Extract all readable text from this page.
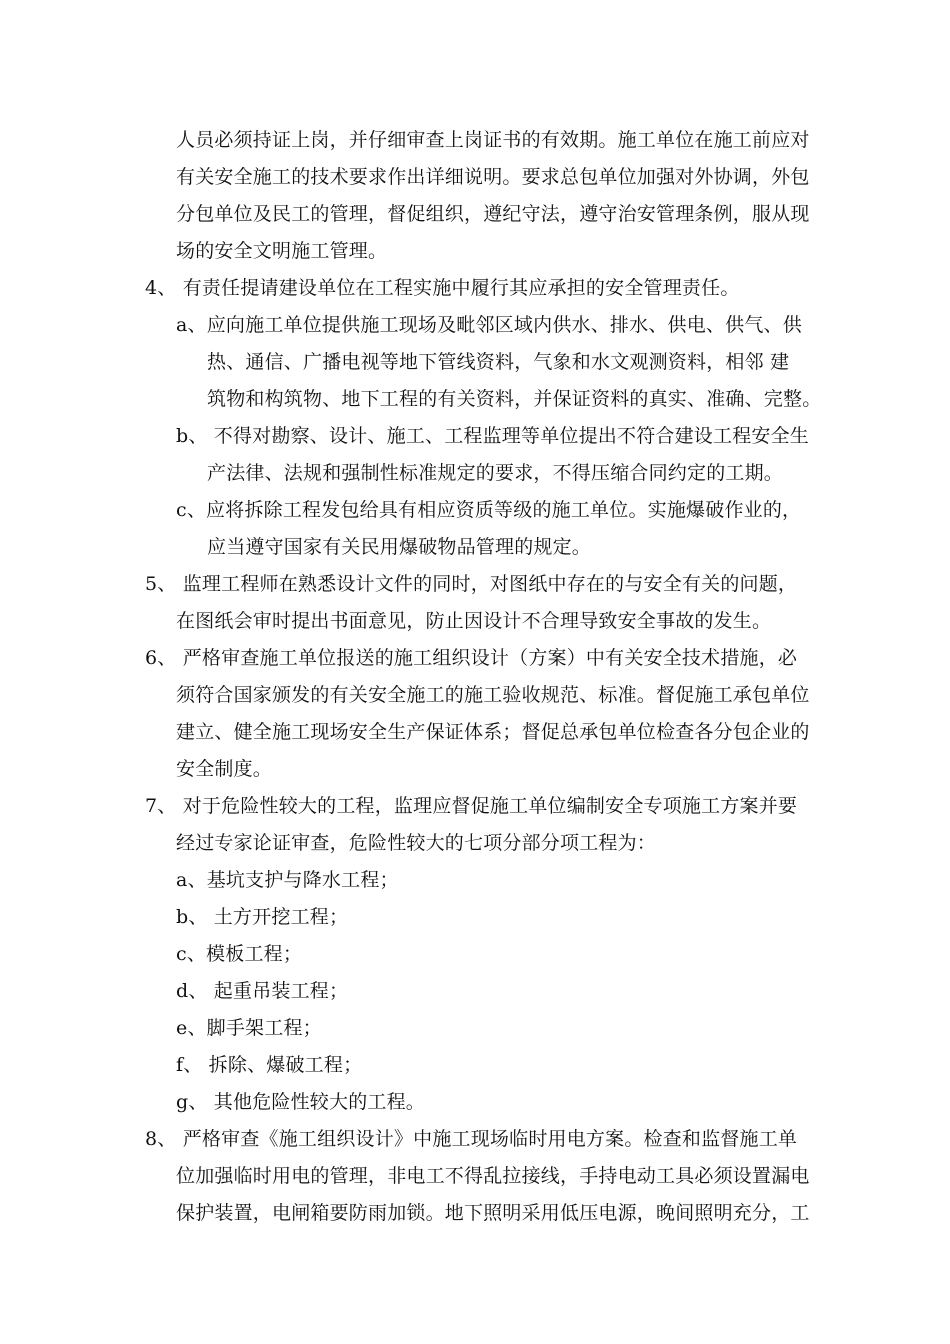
人员必须持证上岗，并仔细审查上岗证书的有效期。施工单位在施工前应对
有关安全施工的技术要求作出详细说明。要求总包单位加强对外协调，外包
分包单位及民工的管理，督促组织，遵纪守法，遵守治安管理条例，服从现
场的安全文明施工管理。
4、 有责任提请建设单位在工程实施中履行其应承担的安全管理责任。
a、应向施工单位提供施工现场及毗邻区域内供水、排水、供电、供气、供
热、通信、广播电视等地下管线资料，气象和水文观测资料，相邻 建
筑物和构筑物、地下工程的有关资料，并保证资料的真实、准确、完整。
b、 不得对勘察、设计、施工、工程监理等单位提出不符合建设工程安全生
产法律、法规和强制性标准规定的要求，不得压缩合同约定的工期。
c、应将拆除工程发包给具有相应资质等级的施工单位。实施爆破作业的，
应当遵守国家有关民用爆破物品管理的规定。
5、 监理工程师在熟悉设计文件的同时，对图纸中存在的与安全有关的问题，
在图纸会审时提出书面意见，防止因设计不合理导致安全事故的发生。
6、 严格审查施工单位报送的施工组织设计（方案）中有关安全技术措施，必
须符合国家颁发的有关安全施工的施工验收规范、标准。督促施工承包单位
建立、健全施工现场安全生产保证体系；督促总承包单位检查各分包企业的
安全制度。
7、 对于危险性较大的工程，监理应督促施工单位编制安全专项施工方案并要
经过专家论证审查，危险性较大的七项分部分项工程为：
a、基坑支护与降水工程；
b、 土方开挖工程；
c、模板工程；
d、 起重吊装工程；
e、脚手架工程；
f、 拆除、爆破工程；
g、 其他危险性较大的工程。
8、 严格审查《施工组织设计》中施工现场临时用电方案。检查和监督施工单
位加强临时用电的管理，非电工不得乱拉接线，手持电动工具必须设置漏电
保护装置，电闸箱要防雨加锁。地下照明采用低压电源，晚间照明充分，工
